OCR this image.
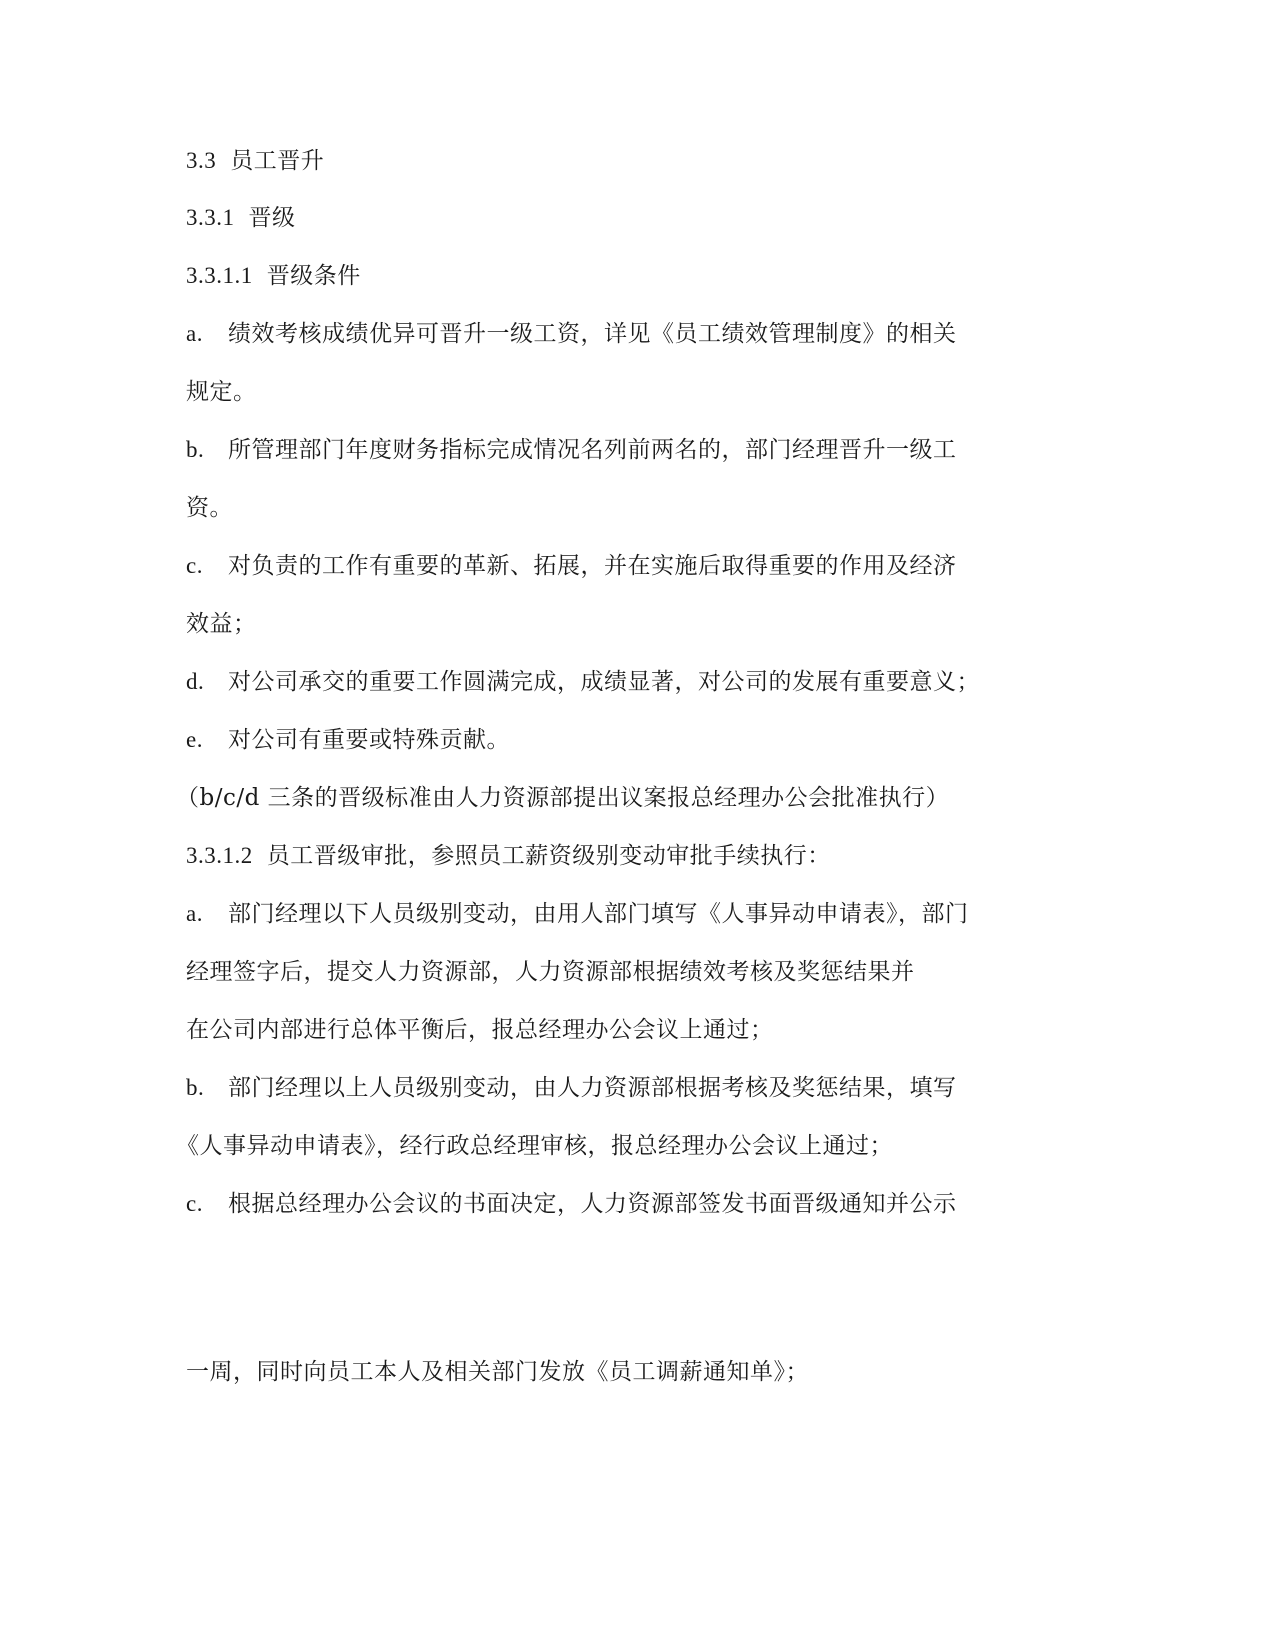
3.3 员工晋升
3.3.1 晋级
3.3.1.1 晋级条件
a. 绩效考核成绩优异可晋升一级工资，详见《员工绩效管理制度》的相关
规定。
b. 所管理部门年度财务指标完成情况名列前两名的，部门经理晋升一级工
资。
c. 对负责的工作有重要的革新、拓展，并在实施后取得重要的作用及经济
效益；
d. 对公司承交的重要工作圆满完成，成绩显著，对公司的发展有重要意义；
e. 对公司有重要或特殊贡献。
（b/c/d 三条的晋级标准由人力资源部提出议案报总经理办公会批准执行）
3.3.1.2 员工晋级审批，参照员工薪资级别变动审批手续执行：
a. 部门经理以下人员级别变动，由用人部门填写《人事异动申请表》，部门
经理签字后，提交人力资源部，人力资源部根据绩效考核及奖惩结果并
在公司内部进行总体平衡后，报总经理办公会议上通过；
b. 部门经理以上人员级别变动，由人力资源部根据考核及奖惩结果，填写
《人事异动申请表》，经行政总经理审核，报总经理办公会议上通过；
c. 根据总经理办公会议的书面决定，人力资源部签发书面晋级通知并公示
一周，同时向员工本人及相关部门发放《员工调薪通知单》；
